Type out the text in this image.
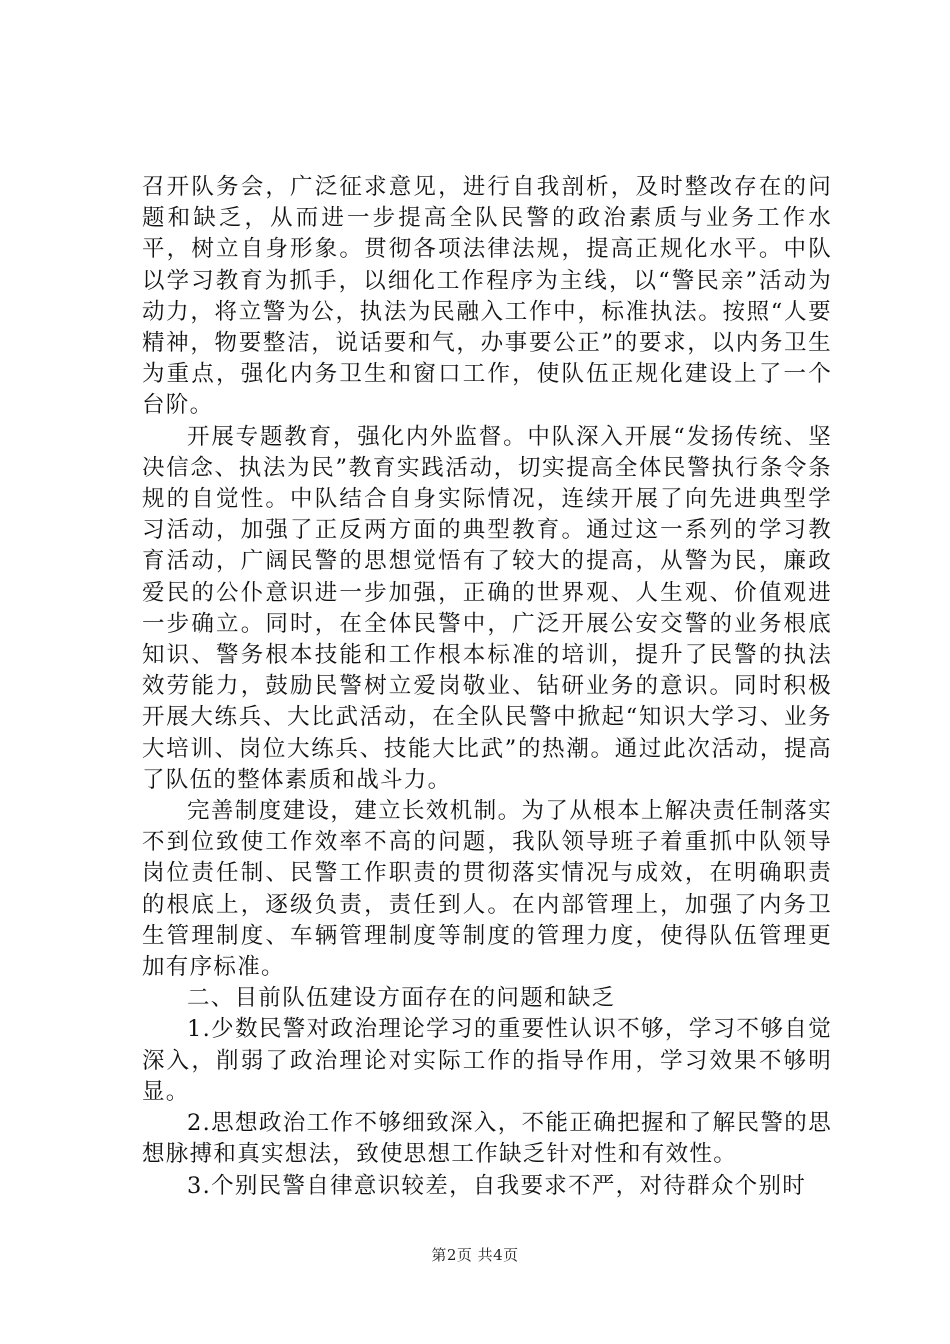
召开队务会，广泛征求意见，进行自我剖析，及时整改存在的问题和缺乏，从而进一步提高全队民警的政治素质与业务工作水平，树立自身形象。贯彻各项法律法规，提高正规化水平。中队以学习教育为抓手，以细化工作程序为主线，以“警民亲”活动为动力，将立警为公，执法为民融入工作中，标准执法。按照“人要精神，物要整洁，说话要和气，办事要公正”的要求，以内务卫生为重点，强化内务卫生和窗口工作，使队伍正规化建设上了一个台阶。

开展专题教育，强化内外监督。中队深入开展“发扬传统、坚决信念、执法为民”教育实践活动，切实提高全体民警执行条令条规的自觉性。中队结合自身实际情况，连续开展了向先进典型学习活动，加强了正反两方面的典型教育。通过这一系列的学习教育活动，广阔民警的思想觉悟有了较大的提高，从警为民，廉政爱民的公仆意识进一步加强，正确的世界观、人生观、价值观进一步确立。同时，在全体民警中，广泛开展公安交警的业务根底知识、警务根本技能和工作根本标准的培训，提升了民警的执法效劳能力，鼓励民警树立爱岗敬业、钻研业务的意识。同时积极开展大练兵、大比武活动，在全队民警中掀起“知识大学习、业务大培训、岗位大练兵、技能大比武”的热潮。通过此次活动，提高了队伍的整体素质和战斗力。

完善制度建设，建立长效机制。为了从根本上解决责任制落实不到位致使工作效率不高的问题，我队领导班子着重抓中队领导岗位责任制、民警工作职责的贯彻落实情况与成效，在明确职责的根底上，逐级负责，责任到人。在内部管理上，加强了内务卫生管理制度、车辆管理制度等制度的管理力度，使得队伍管理更加有序标准。

二、目前队伍建设方面存在的问题和缺乏

1.少数民警对政治理论学习的重要性认识不够，学习不够自觉深入，削弱了政治理论对实际工作的指导作用，学习效果不够明显。

2.思想政治工作不够细致深入，不能正确把握和了解民警的思想脉搏和真实想法，致使思想工作缺乏针对性和有效性。

3.个别民警自律意识较差，自我要求不严，对待群众个别时

第2页 共4页
